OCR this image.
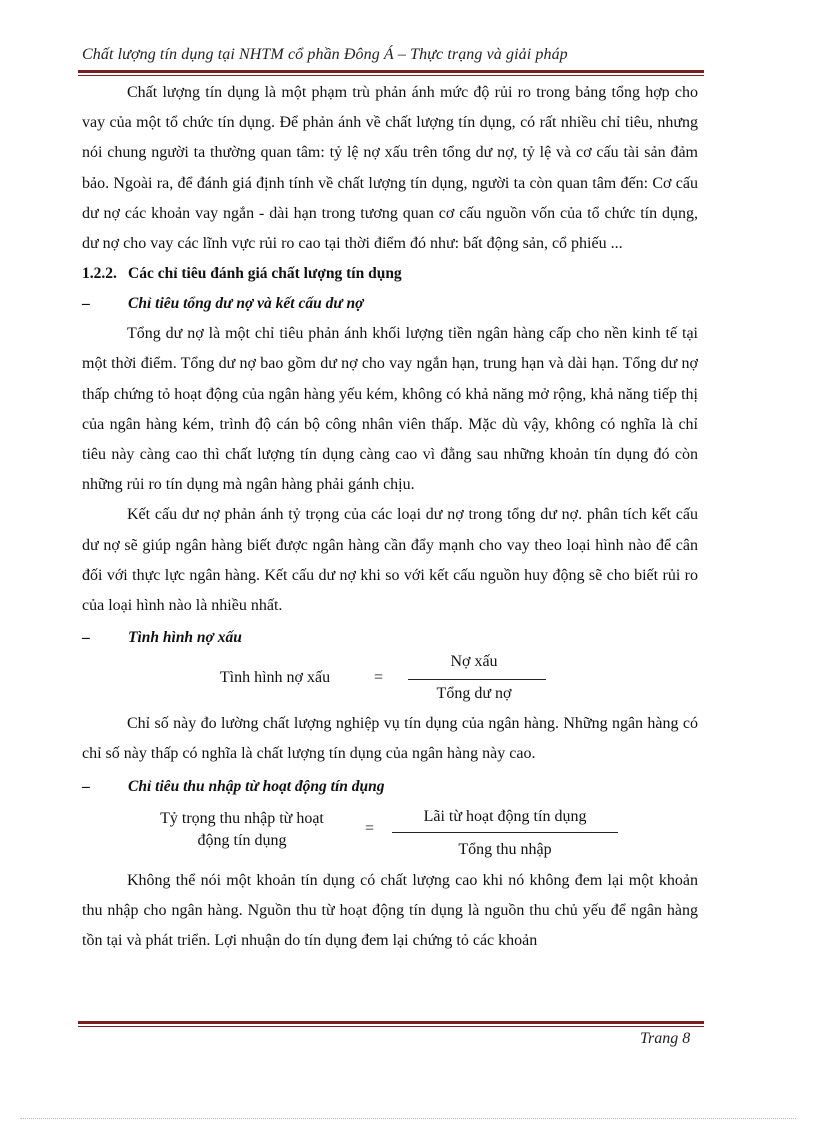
Chất lượng tín dụng tại NHTM cổ phần Đông Á – Thực trạng và giải pháp

Chất lượng tín dụng là một phạm trù phản ánh mức độ rủi ro trong bảng tổng hợp cho vay của một tổ chức tín dụng. Để phản ánh về chất lượng tín dụng, có rất nhiều chỉ tiêu, nhưng nói chung người ta thường quan tâm: tỷ lệ nợ xấu trên tổng dư nợ, tỷ lệ và cơ cấu tài sản đảm bảo. Ngoài ra, để đánh giá định tính về chất lượng tín dụng, người ta còn quan tâm đến: Cơ cấu dư nợ các khoản vay ngắn - dài hạn trong tương quan cơ cấu nguồn vốn của tổ chức tín dụng, dư nợ cho vay các lĩnh vực rủi ro cao tại thời điểm đó như: bất động sản, cổ phiếu ...

1.2.2. Các chỉ tiêu đánh giá chất lượng tín dụng

– Chỉ tiêu tổng dư nợ và kết cấu dư nợ

Tổng dư nợ là một chỉ tiêu phản ánh khối lượng tiền ngân hàng cấp cho nền kinh tế tại một thời điểm. Tổng dư nợ bao gồm dư nợ cho vay ngắn hạn, trung hạn và dài hạn. Tổng dư nợ thấp chứng tỏ hoạt động của ngân hàng yếu kém, không có khả năng mở rộng, khả năng tiếp thị của ngân hàng kém, trình độ cán bộ công nhân viên thấp. Mặc dù vậy, không có nghĩa là chỉ tiêu này càng cao thì chất lượng tín dụng càng cao vì đằng sau những khoản tín dụng đó còn những rủi ro tín dụng mà ngân hàng phải gánh chịu.

Kết cấu dư nợ phản ánh tỷ trọng của các loại dư nợ trong tổng dư nợ. phân tích kết cấu dư nợ sẽ giúp ngân hàng biết được ngân hàng cần đẩy mạnh cho vay theo loại hình nào để cân đối với thực lực ngân hàng. Kết cấu dư nợ khi so với kết cấu nguồn huy động sẽ cho biết rủi ro của loại hình nào là nhiều nhất.

– Tình hình nợ xấu

Tình hình nợ xấu	=
Nợ xấu
Tổng dư nợ

Chỉ số này đo lường chất lượng nghiệp vụ tín dụng của ngân hàng. Những ngân hàng có chỉ số này thấp có nghĩa là chất lượng tín dụng của ngân hàng này cao.

– Chỉ tiêu thu nhập từ hoạt động tín dụng

Tỷ trọng thu nhập từ hoạt
động tín dụng
=
Lãi từ hoạt động tín dụng
Tổng thu nhập

Không thể nói một khoản tín dụng có chất lượng cao khi nó không đem lại một khoản thu nhập cho ngân hàng. Nguồn thu từ hoạt động tín dụng là nguồn thu chủ yếu để ngân hàng tồn tại và phát triển. Lợi nhuận do tín dụng đem lại chứng tỏ các khoản

Trang 8
